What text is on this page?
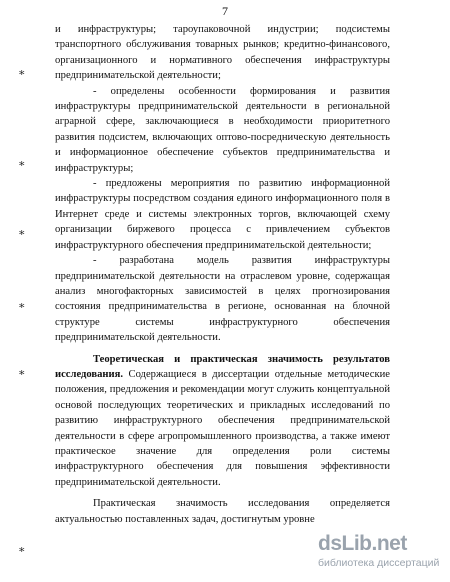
7
∗
∗
∗
∗
∗
∗

и инфраструктуры; тароупаковочной индустрии; подсистемы транспортного обслуживания товарных рынков; кредитно-финансового, организационного и нормативного обеспечения инфраструктуры предпринимательской деятельности;

- определены особенности формирования и развития инфраструктуры предпринимательской деятельности в региональной аграрной сфере, заключающиеся в необходимости приоритетного развития подсистем, включающих оптово-посредническую деятельность и информационное обеспечение субъектов предпринимательства и инфраструктуры;

- предложены мероприятия по развитию информационной инфраструктуры посредством создания единого информационного поля в Интернет среде и системы электронных торгов, включающей схему организации биржевого процесса с привлечением субъектов инфраструктурного обеспечения предпринимательской деятельности;

- разработана модель развития инфраструктуры предпринимательской деятельности на отраслевом уровне, содержащая анализ многофакторных зависимостей в целях прогнозирования состояния предпринимательства в регионе, основанная на блочной структуре системы инфраструктурного обеспечения предпринимательской деятельности.

Теоретическая и практическая значимость результатов исследования. Содержащиеся в диссертации отдельные методические положения, предложения и рекомендации могут служить концептуальной основой последующих теоретических и прикладных исследований по развитию инфраструктурного обеспечения предпринимательской деятельности в сфере агропромышленного производства, а также имеют практическое значение для определения роли системы инфраструктурного обеспечения для повышения эффективности предпринимательской деятельности.

Практическая значимость исследования определяется актуальностью поставленных задач, достигнутым уровне

dsLib.net
библиотека диссертаций
